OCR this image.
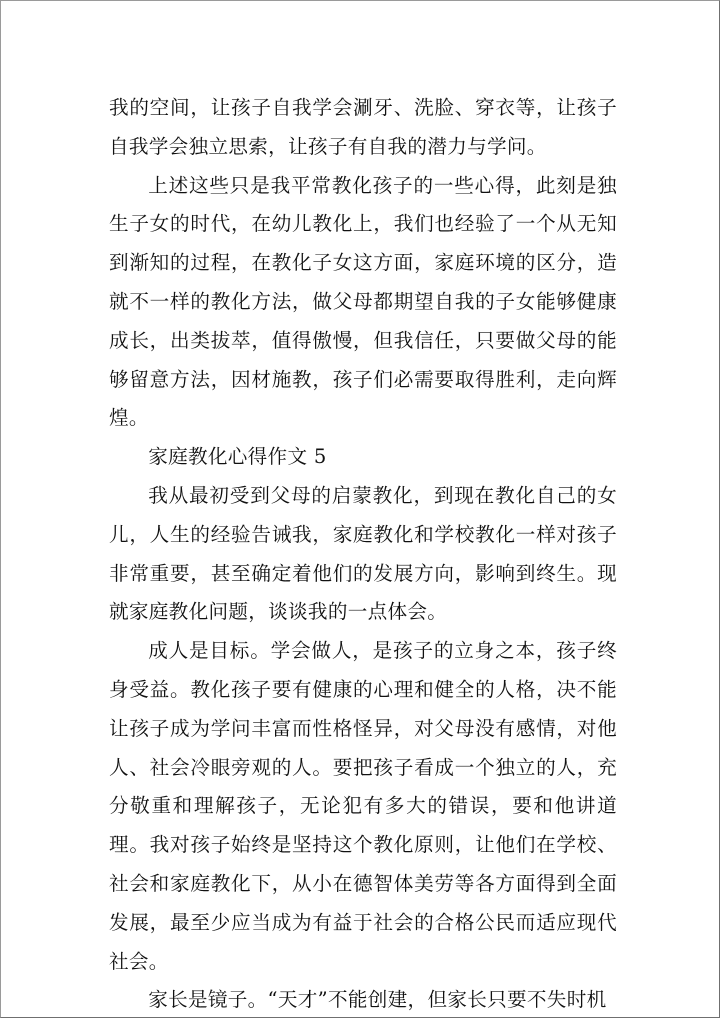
我的空间，让孩子自我学会涮牙、洗脸、穿衣等，让孩子自我学会独立思索，让孩子有自我的潜力与学问。

上述这些只是我平常教化孩子的一些心得，此刻是独生子女的时代，在幼儿教化上，我们也经验了一个从无知到渐知的过程，在教化子女这方面，家庭环境的区分，造就不一样的教化方法，做父母都期望自我的子女能够健康成长，出类拔萃，值得傲慢，但我信任，只要做父母的能够留意方法，因材施教，孩子们必需要取得胜利，走向辉煌。

家庭教化心得作文 5

我从最初受到父母的启蒙教化，到现在教化自己的女儿，人生的经验告诫我，家庭教化和学校教化一样对孩子非常重要，甚至确定着他们的发展方向，影响到终生。现就家庭教化问题，谈谈我的一点体会。

成人是目标。学会做人，是孩子的立身之本，孩子终身受益。教化孩子要有健康的心理和健全的人格，决不能让孩子成为学问丰富而性格怪异，对父母没有感情，对他人、社会冷眼旁观的人。要把孩子看成一个独立的人，充分敬重和理解孩子，无论犯有多大的错误，要和他讲道理。我对孩子始终是坚持这个教化原则，让他们在学校、社会和家庭教化下，从小在德智体美劳等各方面得到全面发展，最至少应当成为有益于社会的合格公民而适应现代社会。

家长是镜子。“天才”不能创建，但家长只要不失时机
